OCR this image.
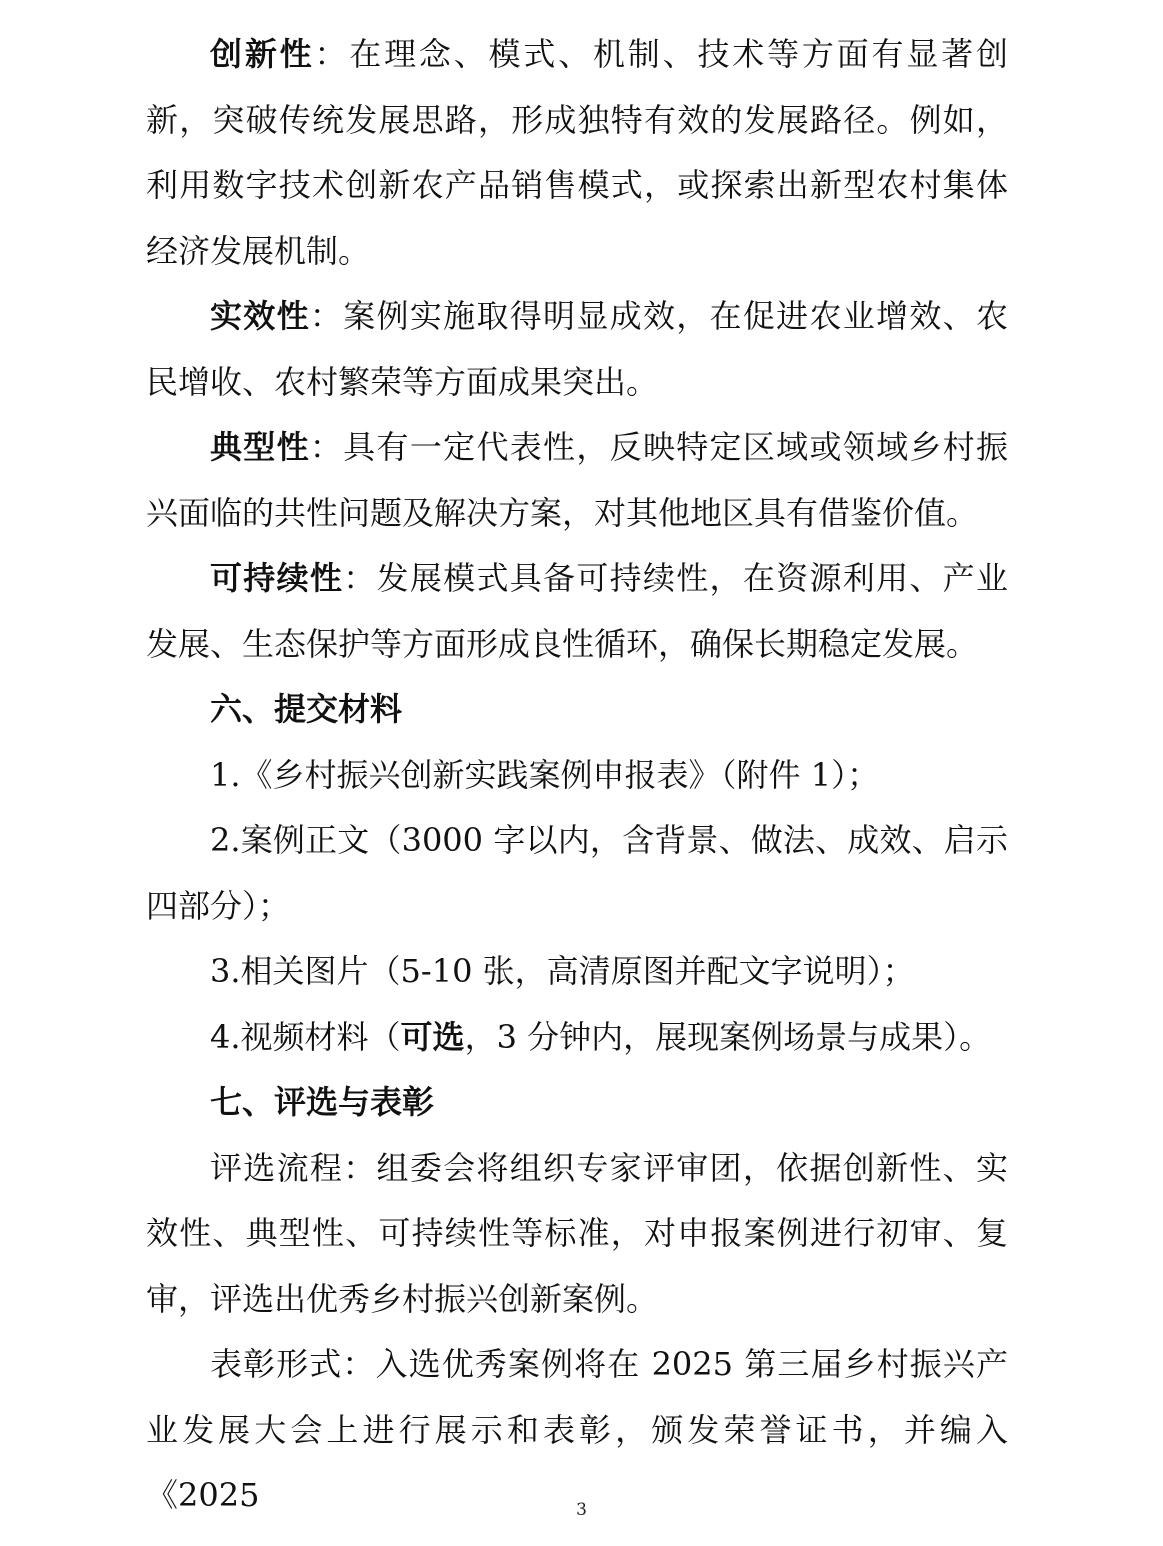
创新性：在理念、模式、机制、技术等方面有显著创新，突破传统发展思路，形成独特有效的发展路径。例如，利用数字技术创新农产品销售模式，或探索出新型农村集体经济发展机制。

实效性：案例实施取得明显成效，在促进农业增效、农民增收、农村繁荣等方面成果突出。

典型性：具有一定代表性，反映特定区域或领域乡村振兴面临的共性问题及解决方案，对其他地区具有借鉴价值。

可持续性：发展模式具备可持续性，在资源利用、产业发展、生态保护等方面形成良性循环，确保长期稳定发展。

六、提交材料

1.《乡村振兴创新实践案例申报表》（附件 1）；

2.案例正文（3000 字以内，含背景、做法、成效、启示四部分）；

3.相关图片（5-10 张，高清原图并配文字说明）；

4.视频材料（可选，3 分钟内，展现案例场景与成果）。

七、评选与表彰

评选流程：组委会将组织专家评审团，依据创新性、实效性、典型性、可持续性等标准，对申报案例进行初审、复审，评选出优秀乡村振兴创新案例。

表彰形式：入选优秀案例将在 2025 第三届乡村振兴产业发展大会上进行展示和表彰，颁发荣誉证书，并编入《2025	3
